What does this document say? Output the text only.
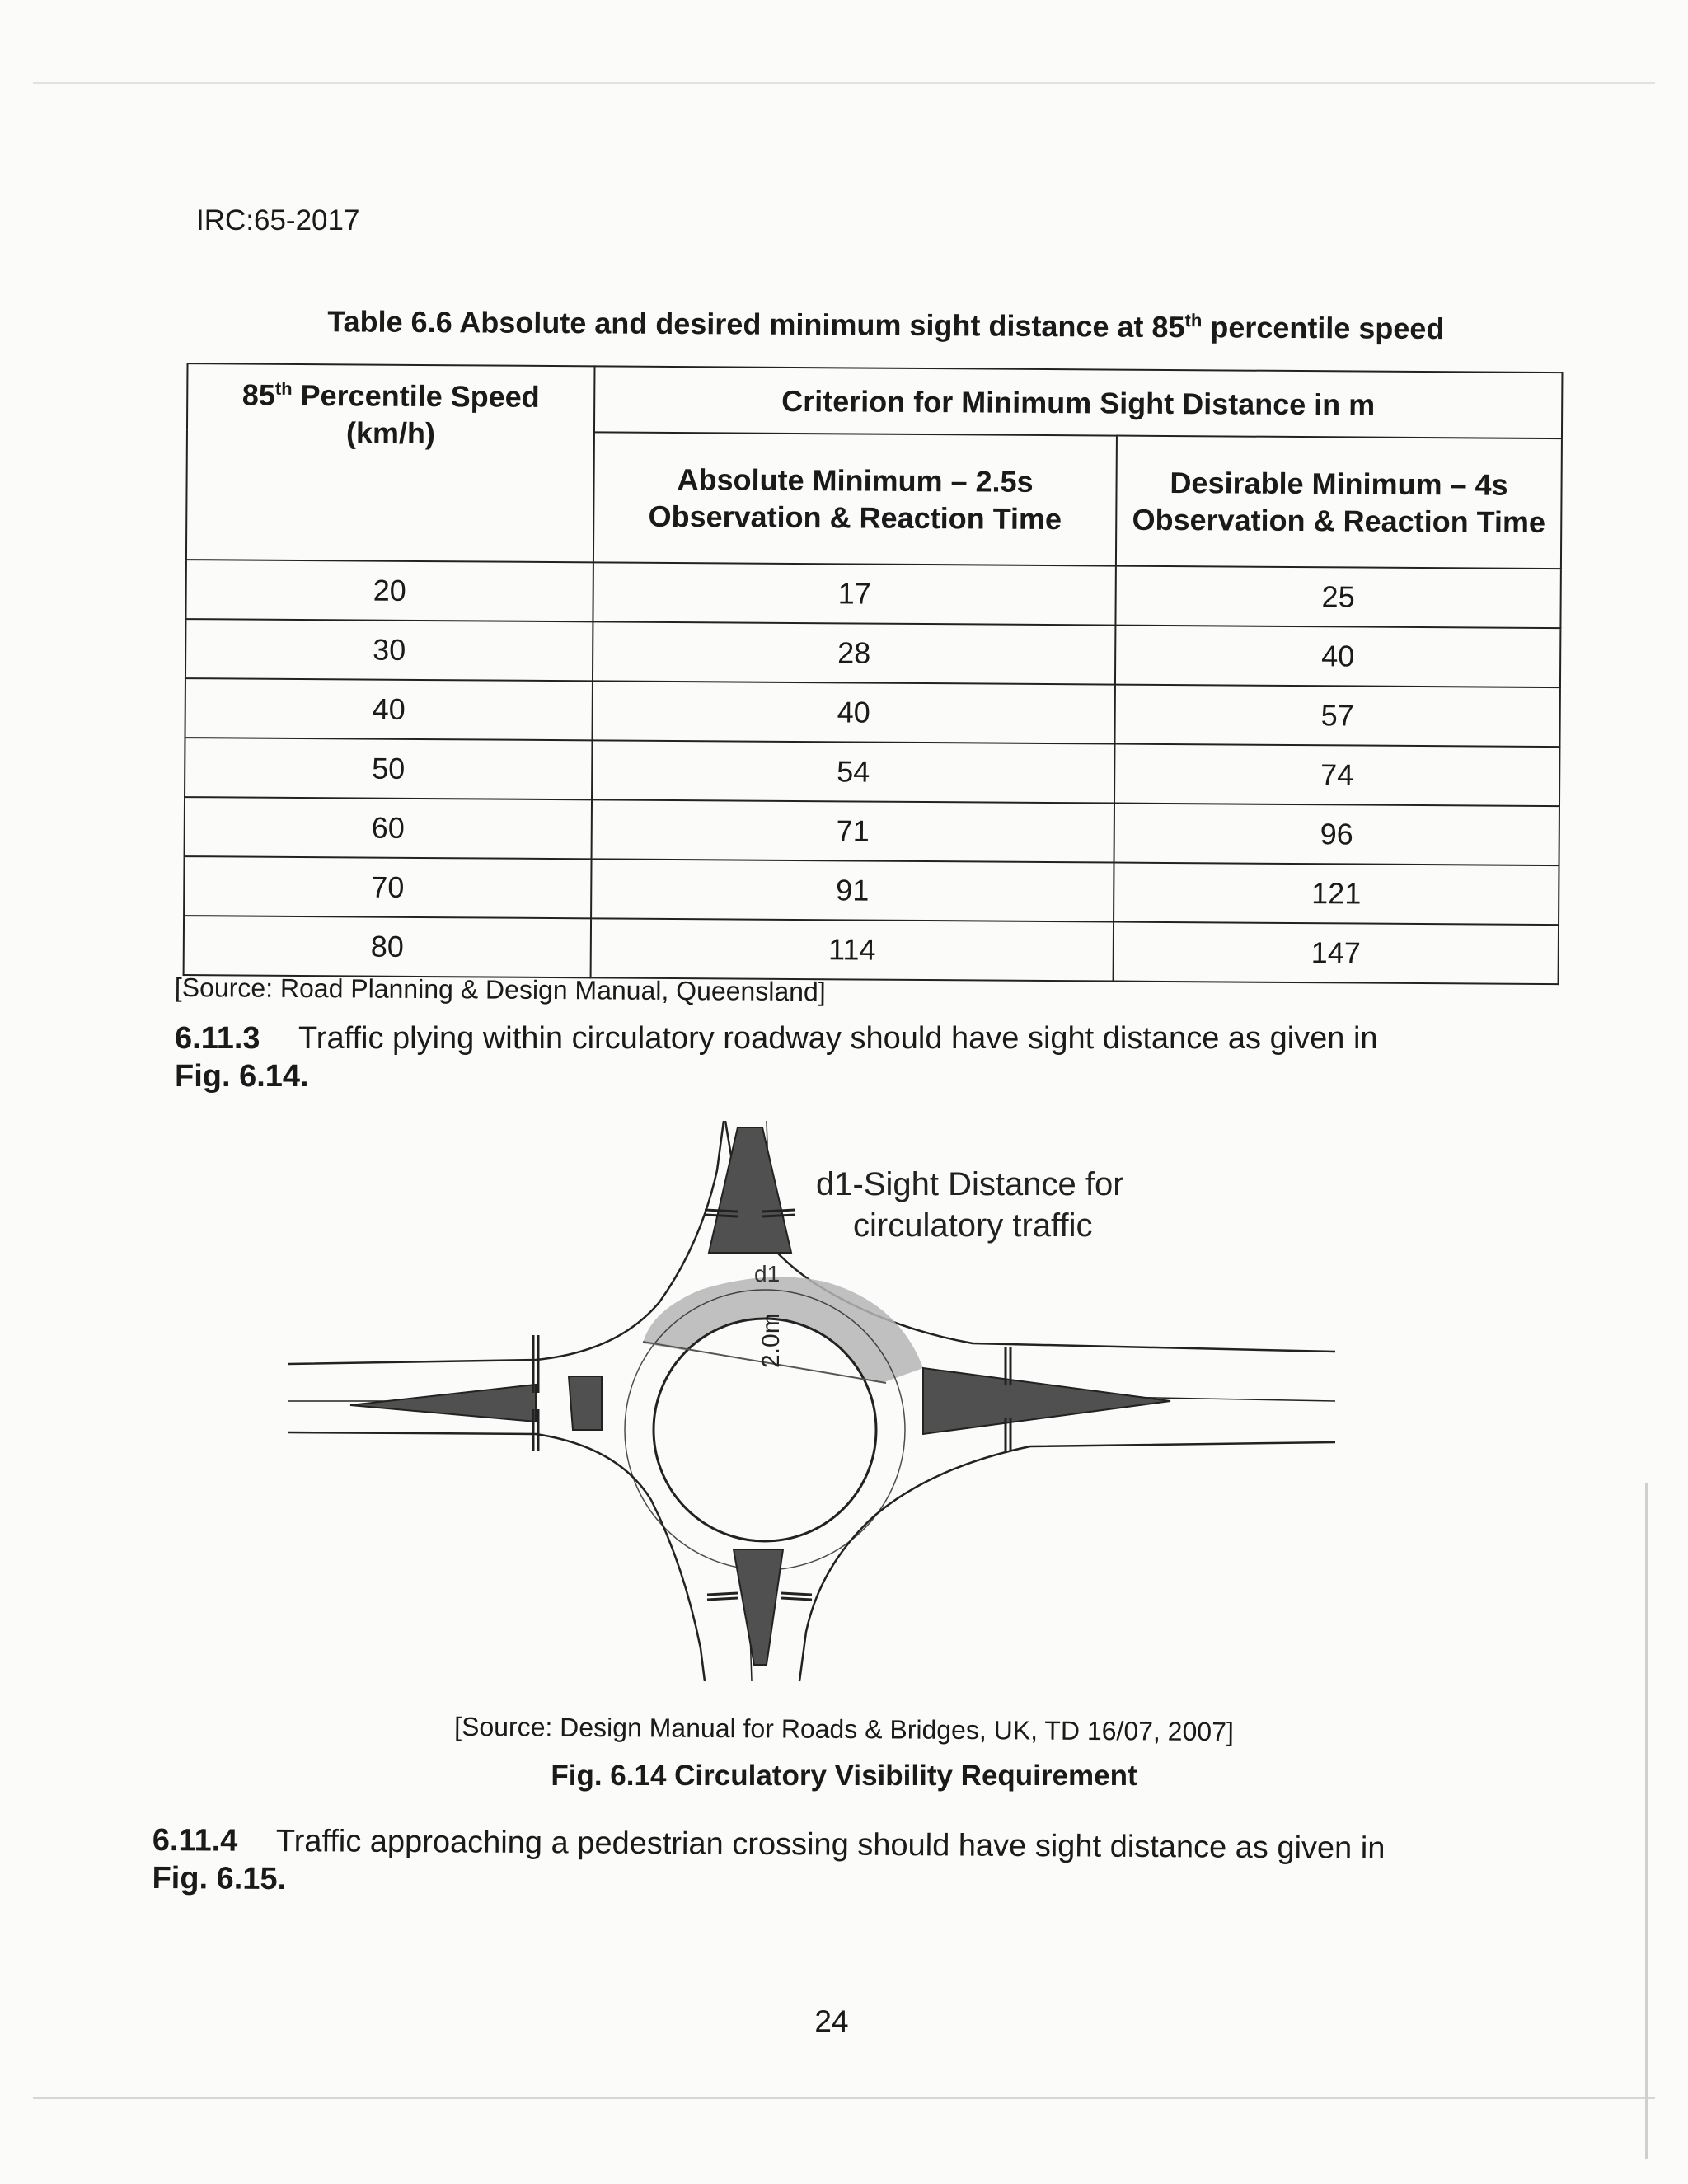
IRC:65-2017
Table 6.6 Absolute and desired minimum sight distance at 85th percentile speed
85th Percentile Speed (km/h)	Criterion for Minimum Sight Distance in m	
	Absolute Minimum – 2.5s Observation & Reaction Time	Desirable Minimum – 4s Observation & Reaction Time
20	17	25
30	28	40
40	40	57
50	54	74
60	71	96
70	91	121
80	114	147
[Source: Road Planning & Design Manual, Queensland]
6.11.3 Traffic plying within circulatory roadway should have sight distance as given in
Fig. 6.14.
d1-Sight Distance for
circulatory traffic
d1
2.0m
[Source: Design Manual for Roads & Bridges, UK, TD 16/07, 2007]
Fig. 6.14 Circulatory Visibility Requirement
6.11.4 Traffic approaching a pedestrian crossing should have sight distance as given in
Fig. 6.15.
24
